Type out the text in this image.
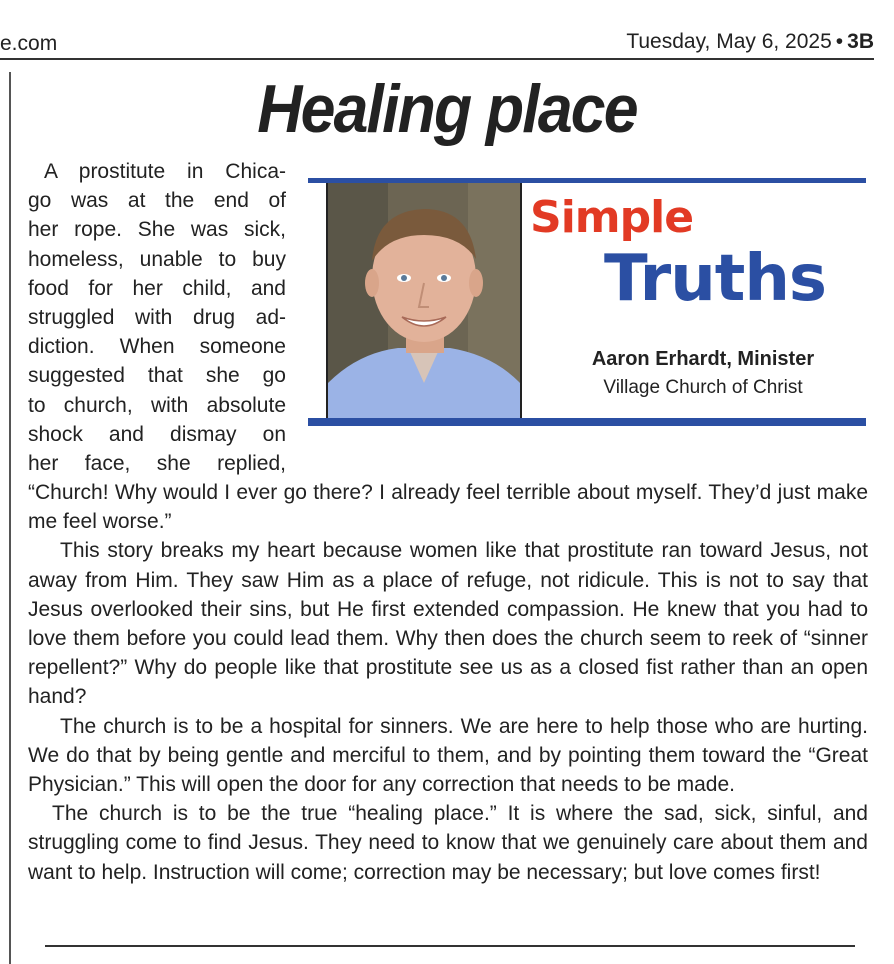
e.com	Tuesday, May 6, 2025 • 3B
Healing place
A prostitute in Chica-
go was at the end of
her rope. She was sick,
homeless, unable to buy
food for her child, and
struggled with drug ad-
diction. When someone
suggested that she go
to church, with absolute
shock and dismay on
her face, she replied,
Simple
Truths
Aaron Erhardt, Minister
Village Church of Christ

“Church! Why would I ever go there? I already feel terrible about myself. They’d just make me feel worse.”

This story breaks my heart because women like that prostitute ran toward Jesus, not away from Him. They saw Him as a place of refuge, not ridicule. This is not to say that Jesus overlooked their sins, but He first extended compassion. He knew that you had to love them before you could lead them. Why then does the church seem to reek of “sinner repellent?” Why do people like that prostitute see us as a closed fist rather than an open hand?

The church is to be a hospital for sinners. We are here to help those who are hurting. We do that by being gentle and merciful to them, and by pointing them toward the “Great Physician.” This will open the door for any correction that needs to be made.

The church is to be the true “healing place.” It is where the sad, sick, sinful, and struggling come to find Jesus. They need to know that we genuinely care about them and want to help. Instruction will come; correction may be necessary; but love comes first!
